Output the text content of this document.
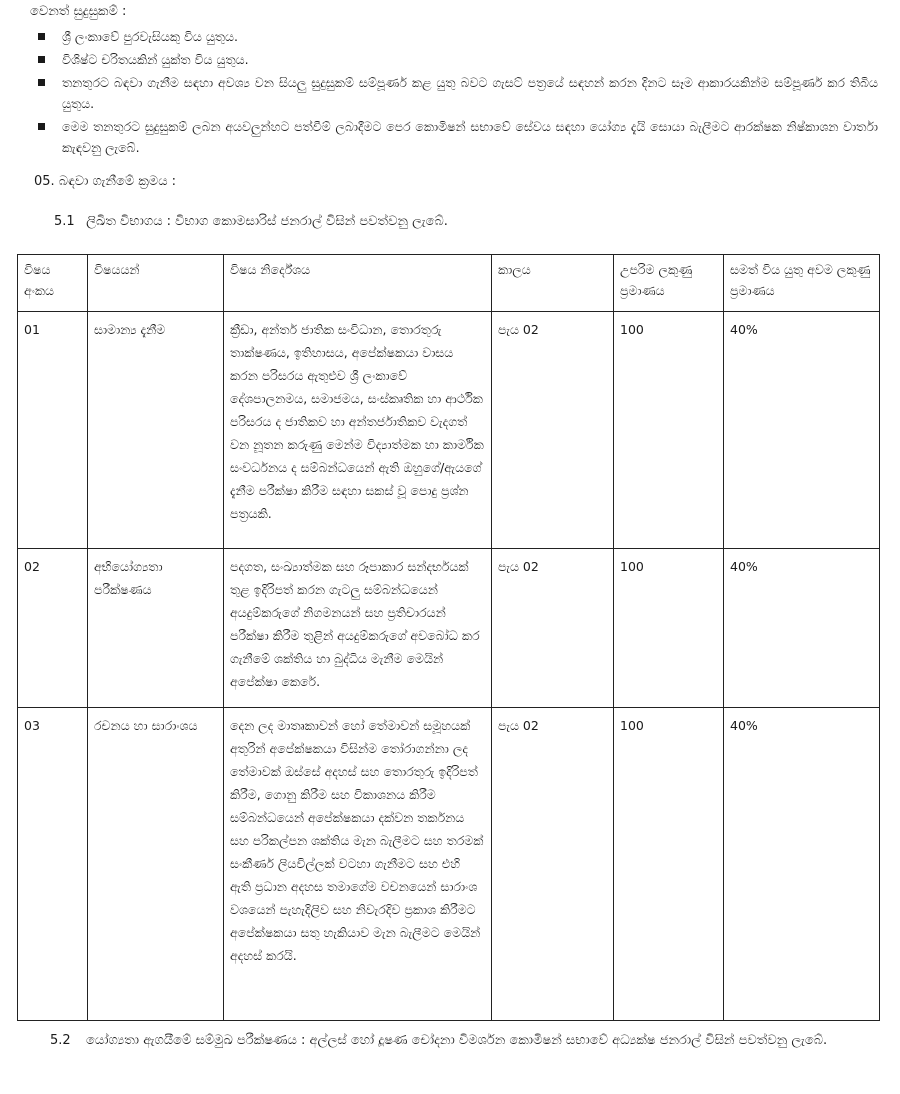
වෙනත් සුදුසුකම් :
ශ්‍රී ලංකාවේ පුරවැසියකු විය යුතුය.
විශිෂ්ට චරිතයකින් යුක්ත විය යුතුය.
තනතුරට බඳවා ගැනීම සඳහා අවශ්‍ය වන සියලු සුදුසුකම් සම්පූර්ණ කළ යුතු බවට ගැසට් පත්‍රයේ සඳහන් කරන දිනට සෑම ආකාරයකින්ම සම්පූර්ණ කර තිබිය යුතුය.
මෙම තනතුරට සුදුසුකම් ලබන අයවලුන්හට පත්වීම් ලබාදීමට පෙර කොමිෂන් සභාවේ සේවය සඳහා යෝග්‍ය දැයි සොයා බැලීමට ආරක්ෂක නිෂ්කාශන වාර්තා කැඳවනු ලැබේ.
05. බඳවා ගැනීමේ ක්‍රමය :
5.1 ලිඛිත විභාගය : විභාග කොමසාරිස් ජනරාල් විසින් පවත්වනු ලැබේ.
විෂය අංකය	විෂයයන්	විෂය නිර්දේශය	කාලය	උපරිම ලකුණු ප්‍රමාණය	සමත් විය යුතු අවම ලකුණු ප්‍රමාණය
01	සාමාන්‍ය දැනීම	ක්‍රීඩා, අන්තර් ජාතික සංවිධාන, තොරතුරු තාක්ෂණය, ඉතිහාසය, අපේක්ෂකයා වාසය කරන පරිසරය ඇතුළුව ශ්‍රී ලංකාවේ දේශපාලනමය, සමාජමය, සංස්කෘතික හා ආර්ථික පරිසරය ද ජාතිකව හා අන්තර්ජාතිකව වැදගත් වන නූතන කරුණු මෙන්ම විද්‍යාත්මක හා කාර්මික සංවර්ධනය ද සම්බන්ධයෙන් ඇති ඔහුගේ/ඇයගේ දැනීම පරීක්ෂා කිරීම සඳහා සකස් වූ පොදු ප්‍රශ්න පත්‍රයකි.	පැය 02	100	40%
02	අභියෝග්‍යතා පරීක්ෂණය	පදගත, සංඛ්‍යාත්මක සහ රූපාකාර සන්දර්භයක් තුළ ඉදිරිපත් කරන ගැටලු සම්බන්ධයෙන් අයදුම්කරුගේ නිගමනයන් සහ ප්‍රතිචාරයන් පරීක්ෂා කිරීම තුළින් අයදුම්කරුගේ අවබෝධ කර ගැනීමේ ශක්තිය හා බුද්ධිය මැනීම මෙයින් අපේක්ෂා කෙරේ.	පැය 02	100	40%
03	රචනය හා සාරාංශය	දෙන ලද මාතෘකාවන් හෝ තේමාවන් සමූහයක් අතුරින් අපේක්ෂකයා විසින්ම තෝරාගන්නා ලද තේමාවක් ඔස්සේ අදහස් සහ තොරතුරු ඉදිරිපත් කිරීම, ගොනු කිරීම සහ විකාශනය කිරීම සම්බන්ධයෙන් අපේක්ෂකයා දක්වන තර්කනය සහ පරිකල්පන ශක්තිය මැන බැලීමට සහ තරමක් සංකීර්ණ ලියවිල්ලක් වටහා ගැනීමට සහ එහි ඇති ප්‍රධාන අදහස තමාගේම වචනයෙන් සාරාංශ වශයෙන් පැහැදිලිව සහ නිවැරදිව ප්‍රකාශ කිරීමට අපේක්ෂකයා සතු හැකියාව මැන බැලීමට මෙයින් අදහස් කරයි.	පැය 02	100	40%
5.2 යෝග්‍යතා ඇගයීමේ සම්මුඛ පරීක්ෂණය : අල්ලස් හෝ දූෂණ චෝදනා විමර්ශන කොමිෂන් සභාවේ අධ්‍යක්ෂ ජනරාල් විසින් පවත්වනු ලැබේ.
